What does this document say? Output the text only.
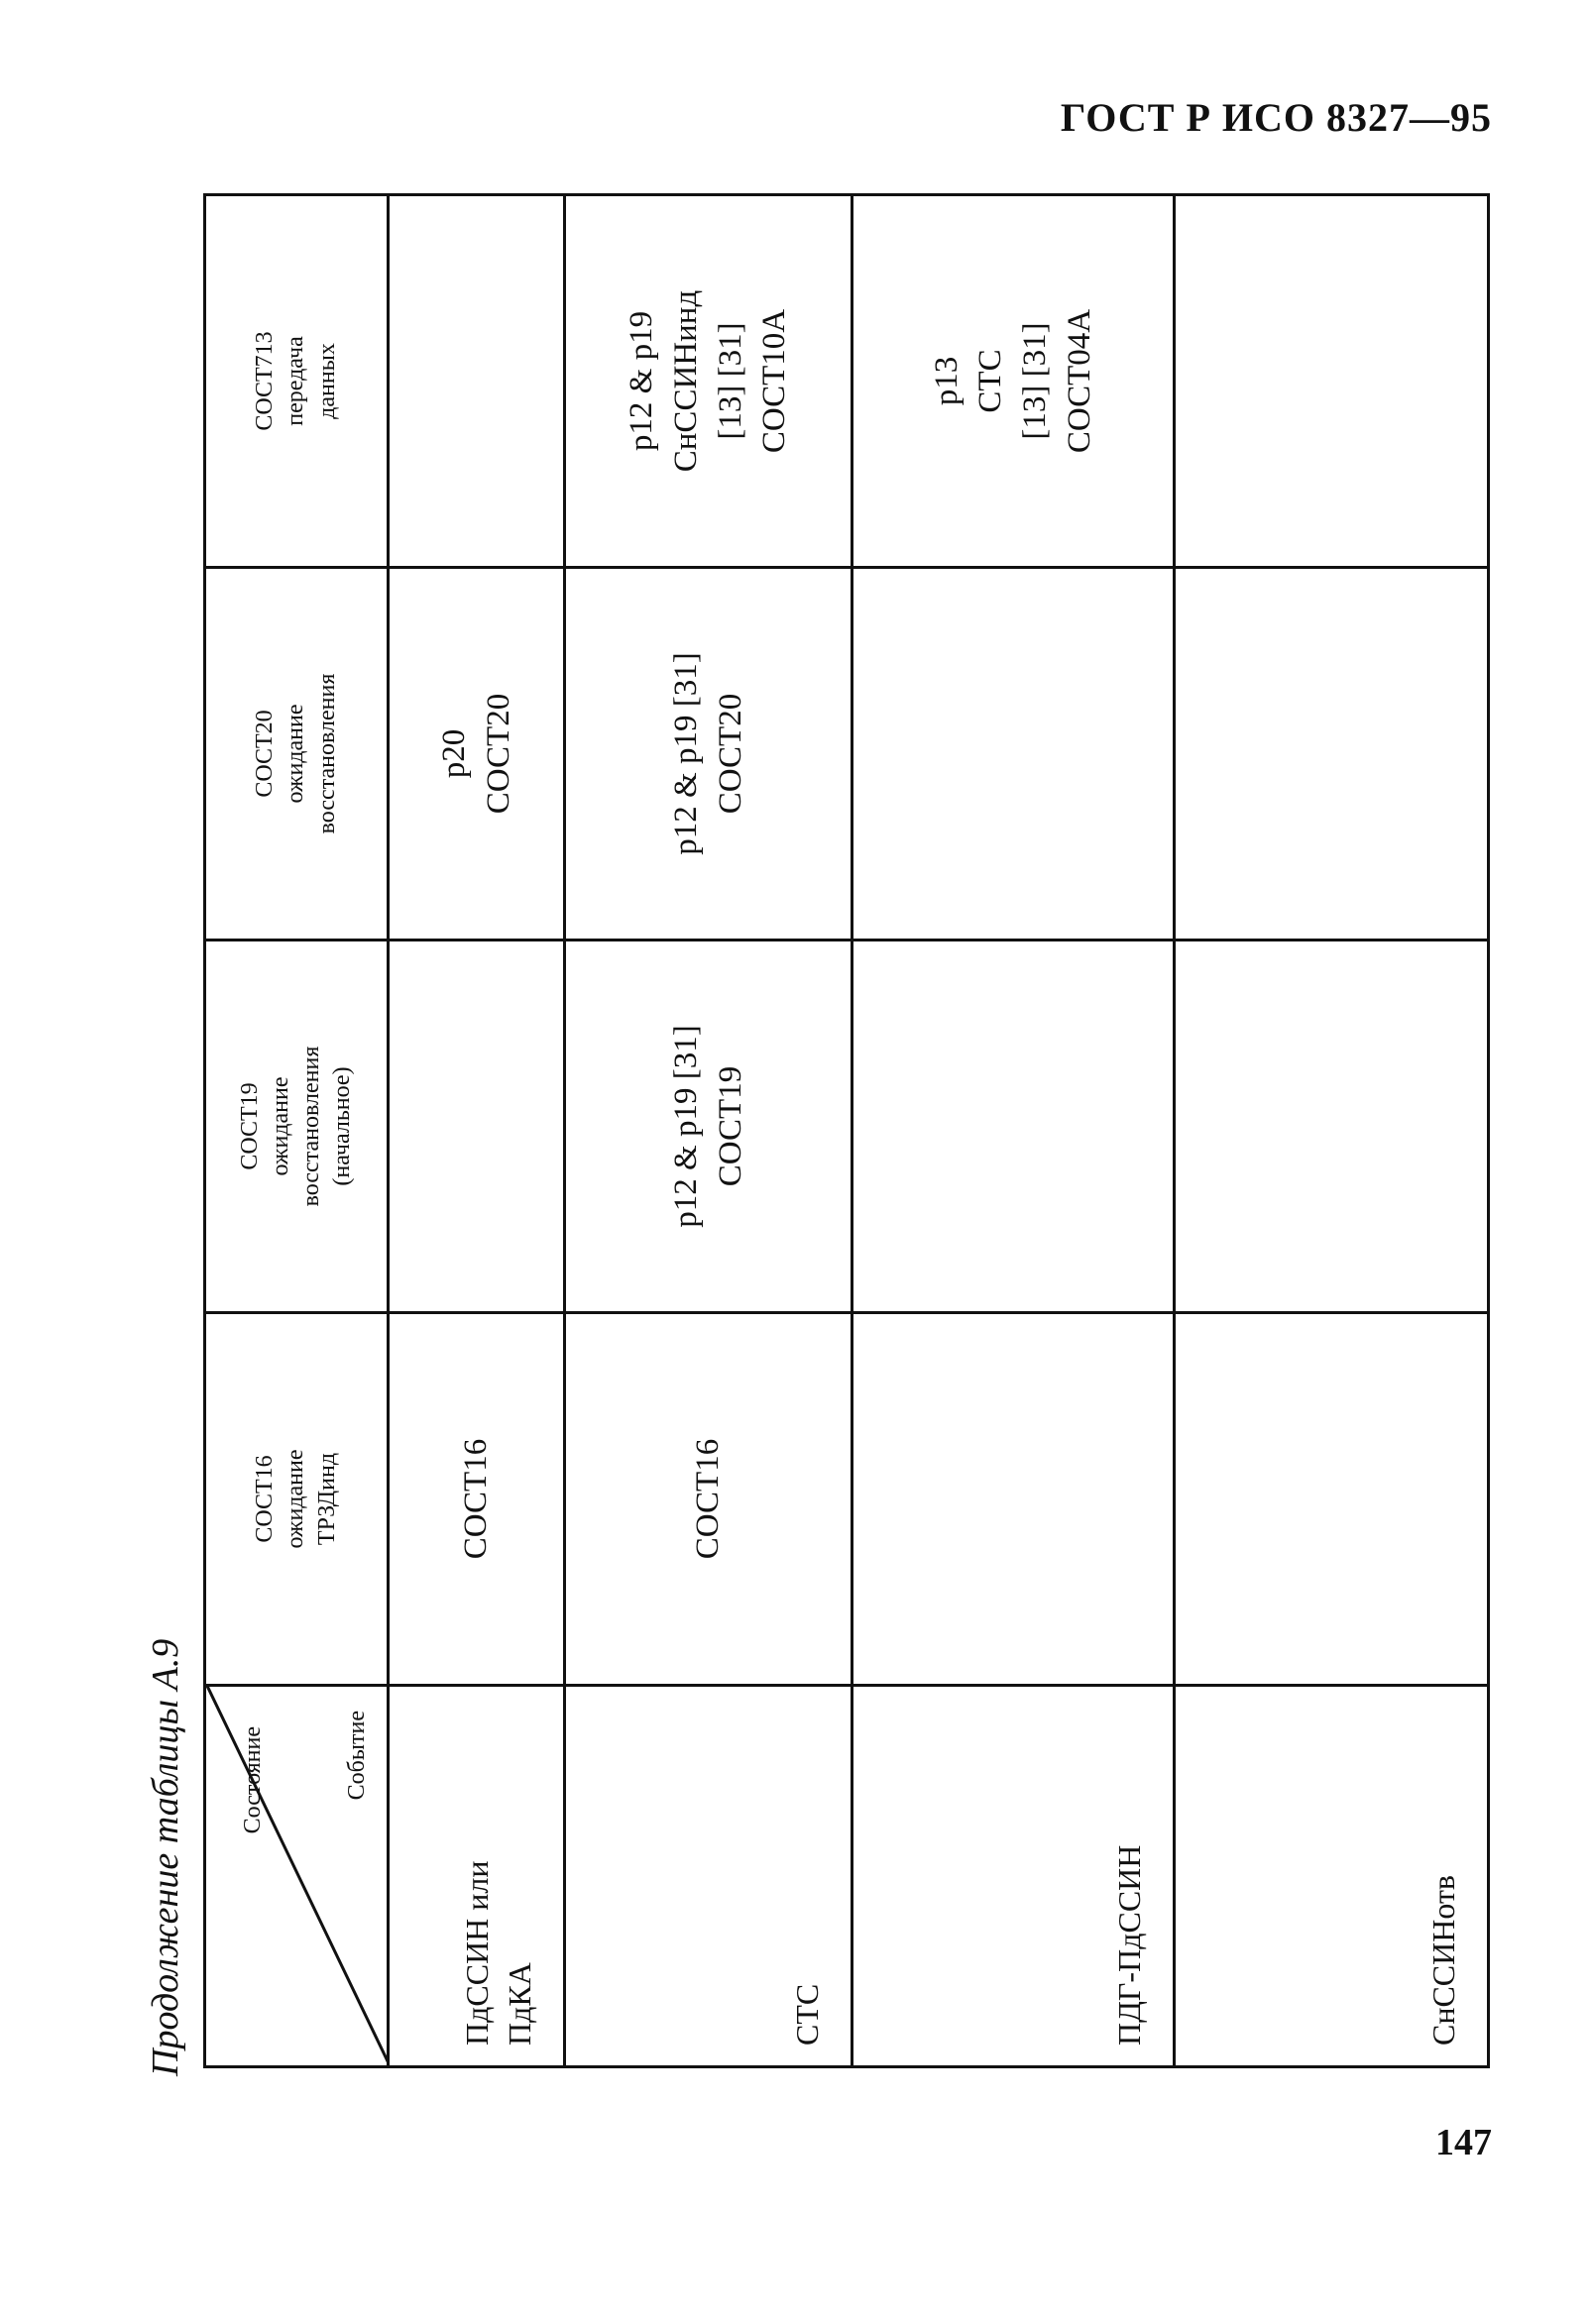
ГОСТ Р ИСО 8327—95
Продолжение таблицы А.9 Состояние Событие	СОСТ16 ожидание ТРЗДинд	СОСТ19 ожидание восстановления (начальное)	СОСТ20 ожидание восстановления	СОСТ713 передача данных

ПдССИН или ПдКА	СОСТ16		p20 СОСТ20	

СТС	СОСТ16	p12 & p19 [31] СОСТ19	p12 & p19 [31] СОСТ20	p12 & p19 СнССИНинд [13] [31] СОСТ10А

ПДГ-ПдССИН				p13 СТС [13] [31] СОСТ04А

СнССИНотв				

147
